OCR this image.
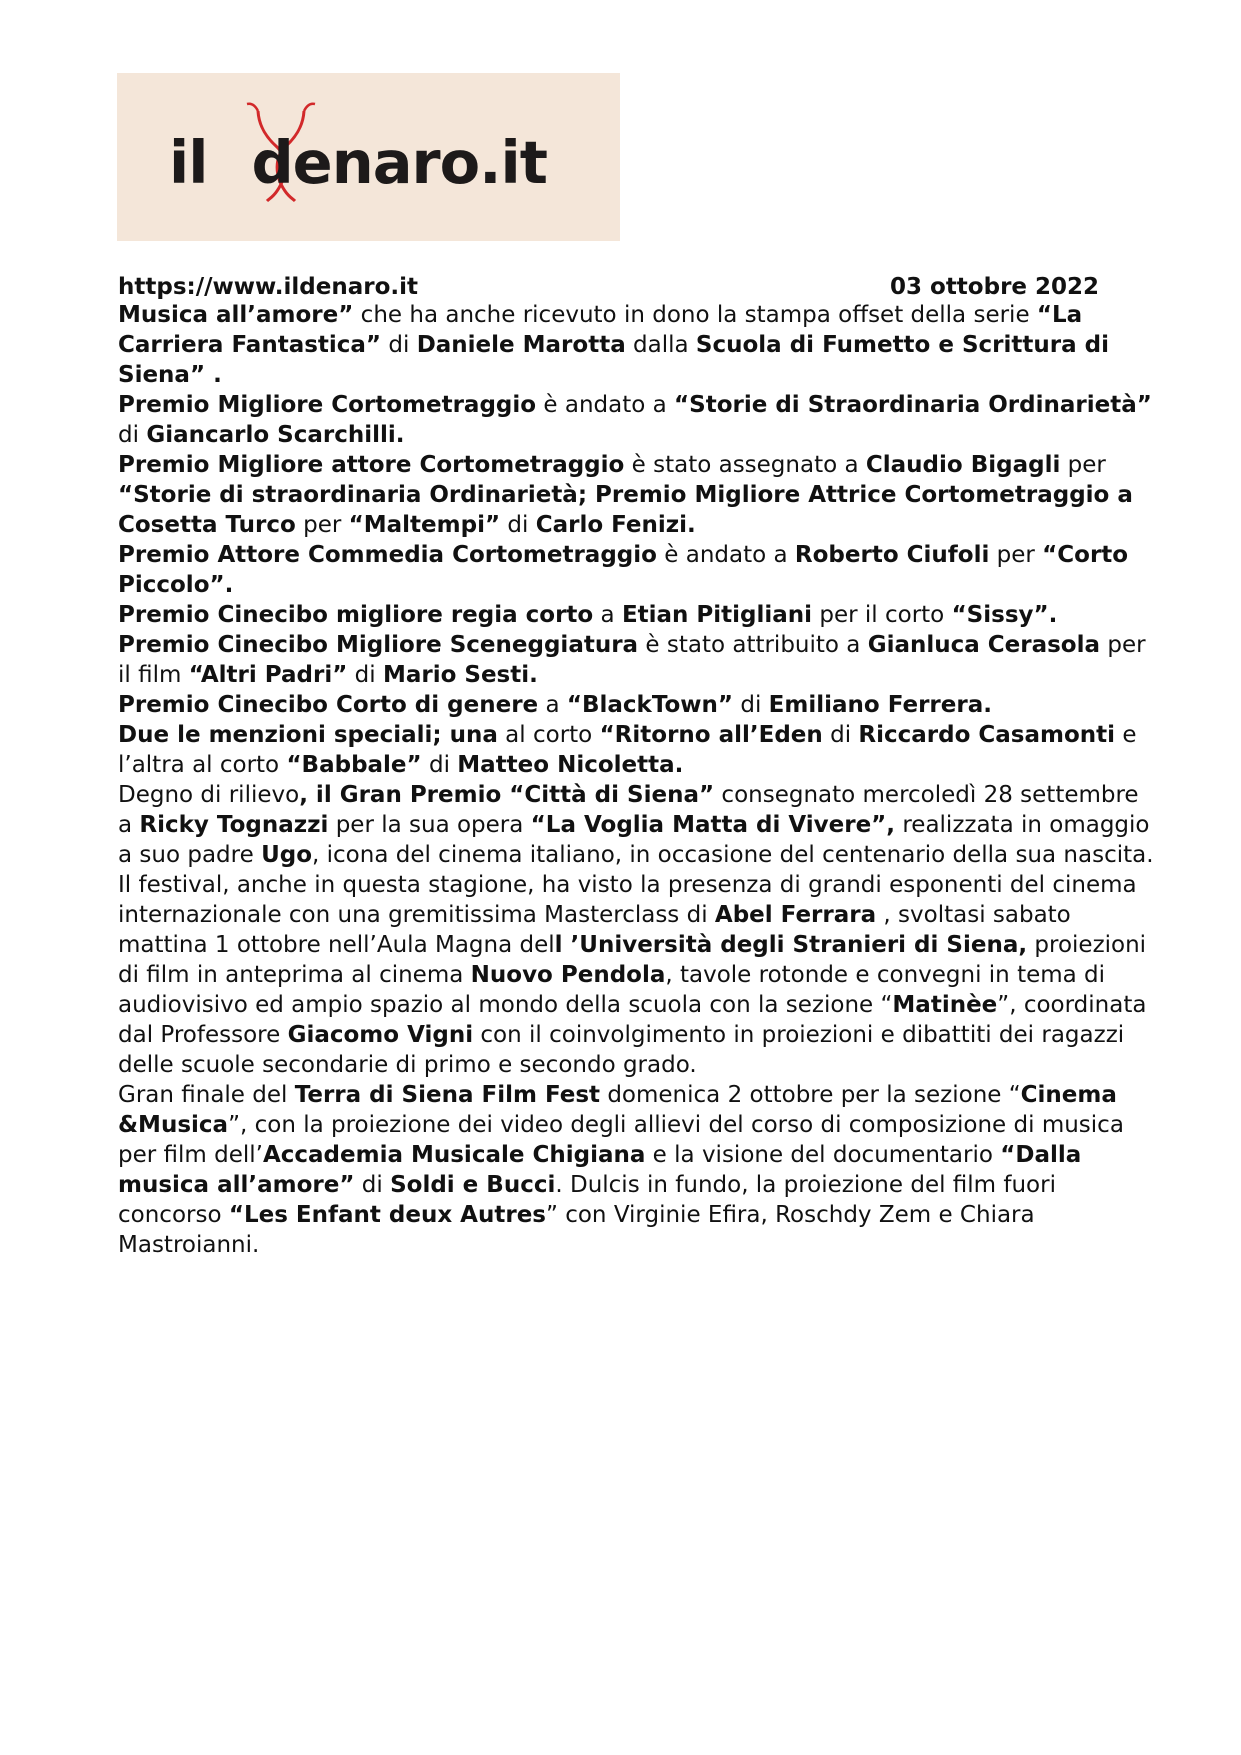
il denaro.it
https://www.ildenaro.it	03 ottobre 2022

Musica all’amore” che ha anche ricevuto in dono la stampa offset della serie “La Carriera Fantastica” di Daniele Marotta dalla Scuola di Fumetto e Scrittura di Siena” .

Premio Migliore Cortometraggio è andato a “Storie di Straordinaria Ordinarietà” di Giancarlo Scarchilli.

Premio Migliore attore Cortometraggio è stato assegnato a Claudio Bigagli per “Storie di straordinaria Ordinarietà; Premio Migliore Attrice Cortometraggio a Cosetta Turco per “Maltempi” di Carlo Fenizi.

Premio Attore Commedia Cortometraggio è andato a Roberto Ciufoli per “Corto Piccolo”.

Premio Cinecibo migliore regia corto a Etian Pitigliani per il corto “Sissy”.

Premio Cinecibo Migliore Sceneggiatura è stato attribuito a Gianluca Cerasola per il film “Altri Padri” di Mario Sesti.

Premio Cinecibo Corto di genere a “BlackTown” di Emiliano Ferrera.

Due le menzioni speciali; una al corto “Ritorno all’Eden di Riccardo Casamonti e l’altra al corto “Babbale” di Matteo Nicoletta.

Degno di rilievo, il Gran Premio “Città di Siena” consegnato mercoledì 28 settembre a Ricky Tognazzi per la sua opera “La Voglia Matta di Vivere”, realizzata in omaggio a suo padre Ugo, icona del cinema italiano, in occasione del centenario della sua nascita.

Il festival, anche in questa stagione, ha visto la presenza di grandi esponenti del cinema internazionale con una gremitissima Masterclass di Abel Ferrara , svoltasi sabato mattina 1 ottobre nell’Aula Magna dell ’Università degli Stranieri di Siena, proiezioni di film in anteprima al cinema Nuovo Pendola, tavole rotonde e convegni in tema di audiovisivo ed ampio spazio al mondo della scuola con la sezione “Matinèe”, coordinata dal Professore Giacomo Vigni con il coinvolgimento in proiezioni e dibattiti dei ragazzi delle scuole secondarie di primo e secondo grado.

Gran finale del Terra di Siena Film Fest domenica 2 ottobre per la sezione “Cinema &Musica”, con la proiezione dei video degli allievi del corso di composizione di musica per film dell’Accademia Musicale Chigiana e la visione del documentario “Dalla musica all’amore” di Soldi e Bucci. Dulcis in fundo, la proiezione del film fuori concorso “Les Enfant deux Autres” con Virginie Efira, Roschdy Zem e Chiara Mastroianni.
